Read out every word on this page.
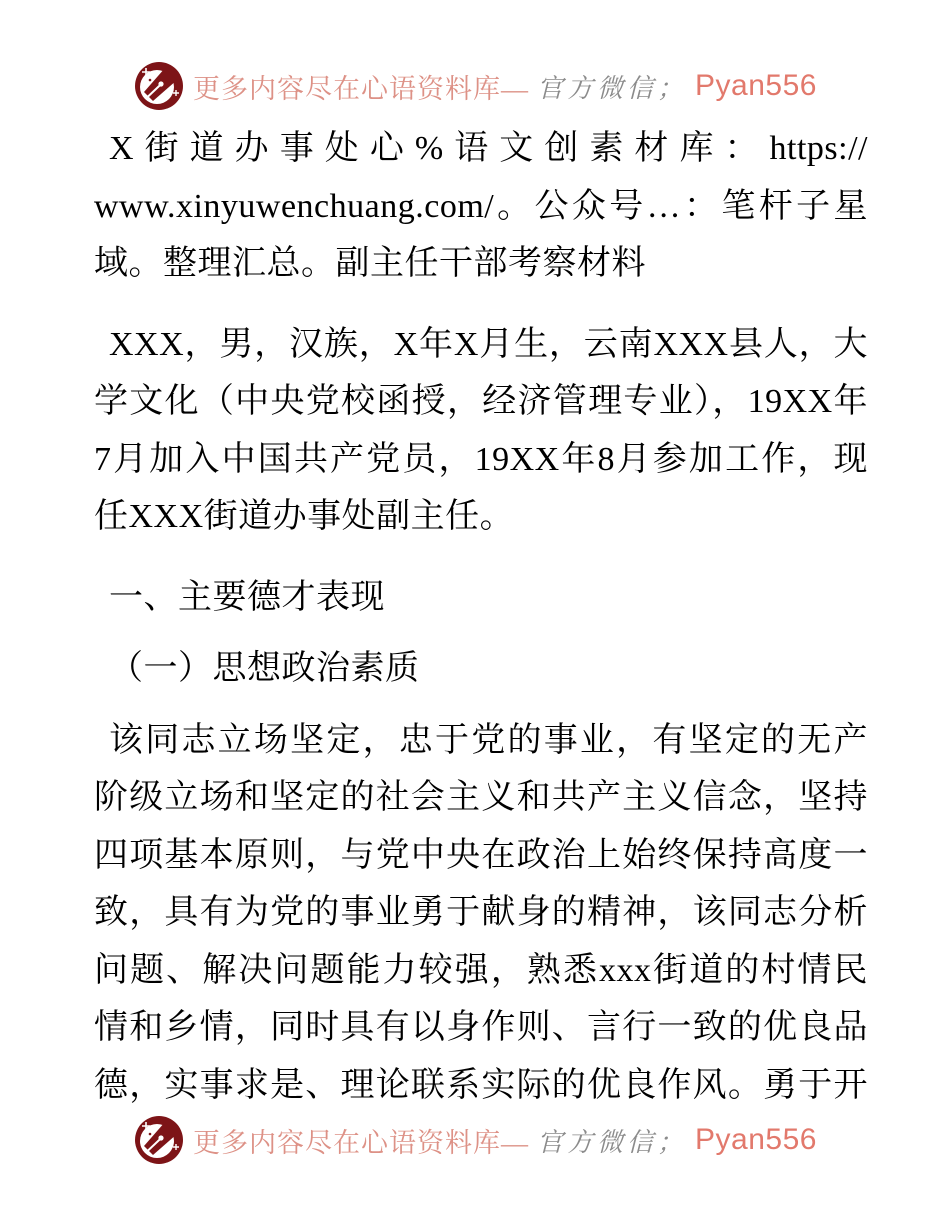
更多内容尽在心语资料库— 官方微信； Pyan556
X街道办事处心%语文创素材库：https://
www.xinyuwenchuang.com/。公众号…：笔杆子星
域。整理汇总。副主任干部考察材料
XXX，男，汉族，X年X月生，云南XXX县人，大
学文化（中央党校函授，经济管理专业），19XX年
7月加入中国共产党员，19XX年8月参加工作，现
任XXX街道办事处副主任。
一、主要德才表现
（一）思想政治素质
该同志立场坚定，忠于党的事业，有坚定的无产
阶级立场和坚定的社会主义和共产主义信念，坚持
四项基本原则，与党中央在政治上始终保持高度一
致，具有为党的事业勇于献身的精神，该同志分析
问题、解决问题能力较强，熟悉xxx街道的村情民
情和乡情，同时具有以身作则、言行一致的优良品
德，实事求是、理论联系实际的优良作风。勇于开
更多内容尽在心语资料库— 官方微信； Pyan556
